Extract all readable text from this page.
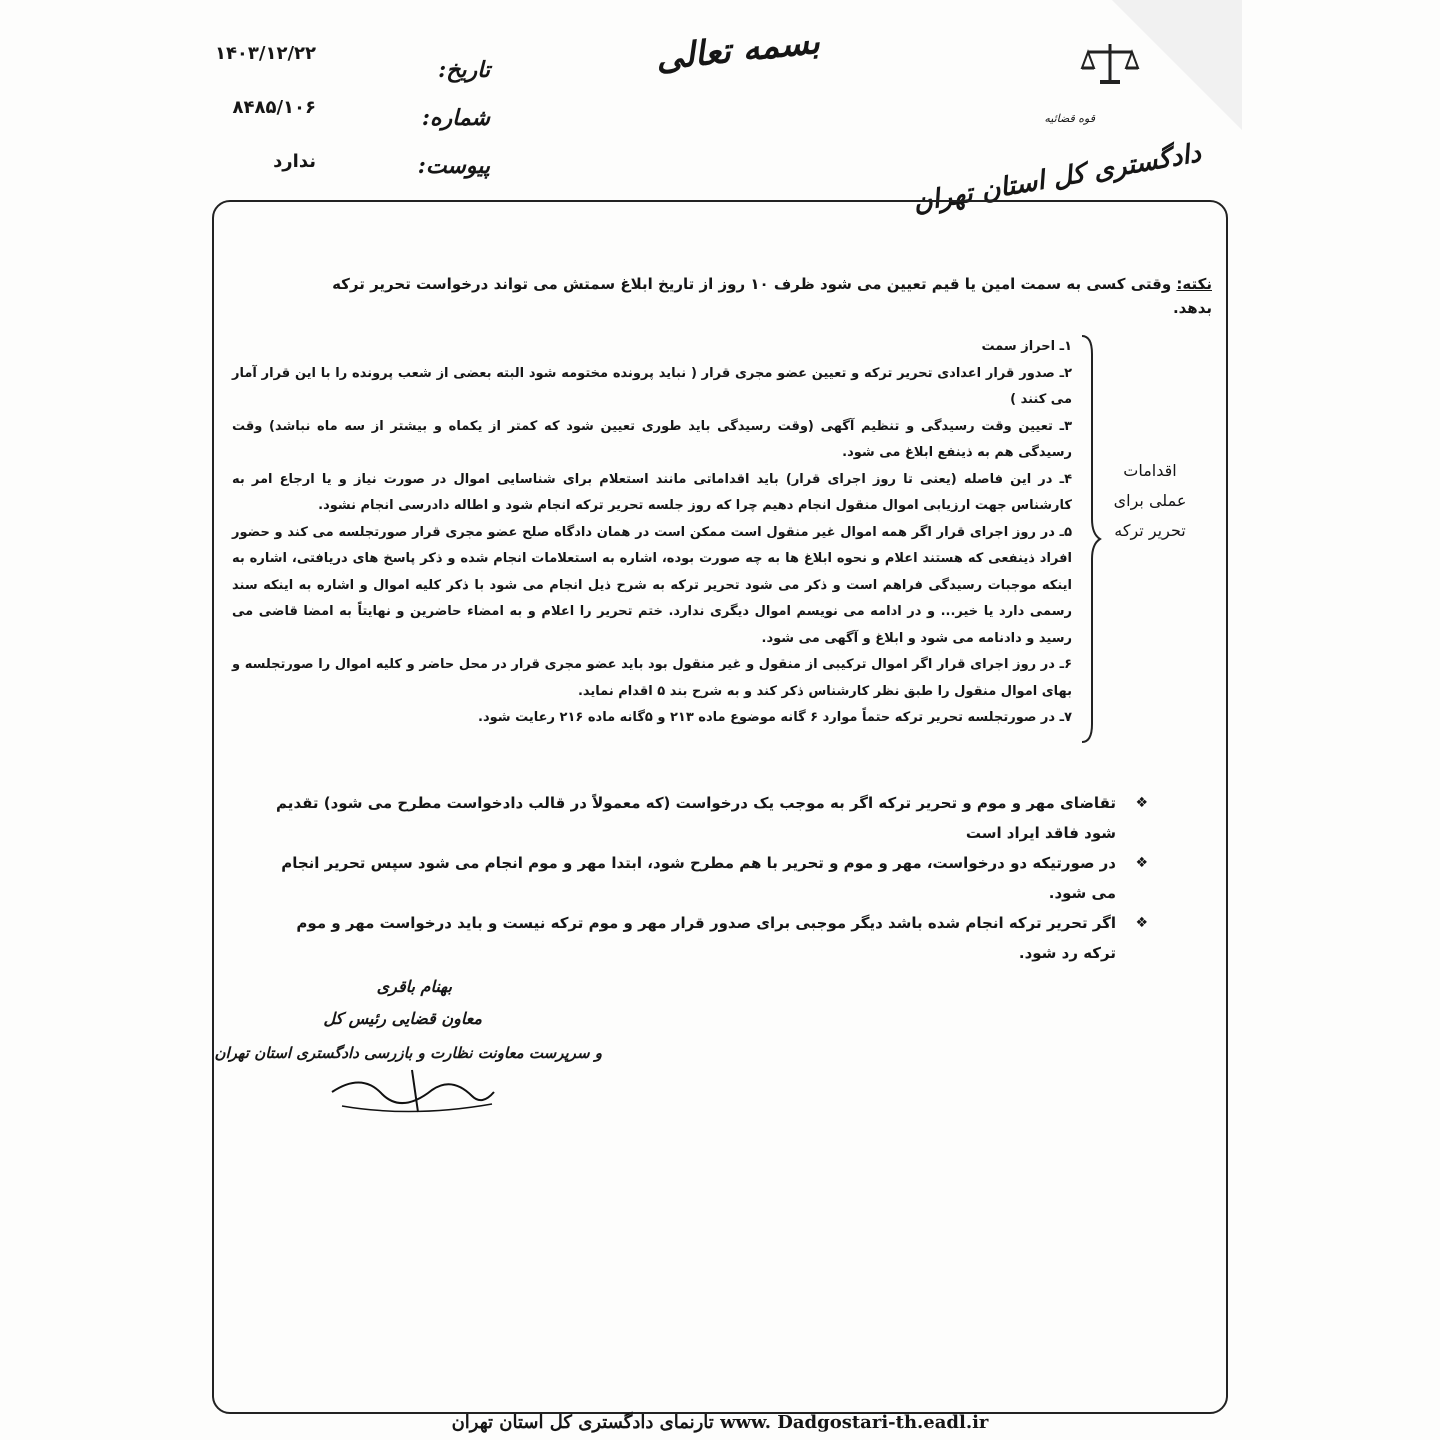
قوه قضائیه
دادگستری کل استان تهران
بسمه تعالی
تاریخ:
شماره:
پیوست:
۱۴۰۳/۱۲/۲۲
۸۴۸۵/۱۰۶
ندارد
نکته: وقتی کسی به سمت امین یا قیم تعیین می شود ظرف ۱۰ روز از تاریخ ابلاغ سمتش می تواند درخواست تحریر ترکه بدهد.
اقدامات
عملی برای
تحریر ترکه
۱ـ احراز سمت
۲ـ صدور قرار اعدادی تحریر ترکه و تعیین عضو مجری قرار ( نباید پرونده مختومه شود البته بعضی از شعب پرونده را با این قرار آمار می کنند )
۳ـ تعیین وقت رسیدگی و تنظیم آگهی (وقت رسیدگی باید طوری تعیین شود که کمتر از یکماه و بیشتر از سه ماه نباشد) وقت رسیدگی هم به ذینفع ابلاغ می شود.
۴ـ در این فاصله (یعنی تا روز اجرای قرار) باید اقداماتی مانند استعلام برای شناسایی اموال در صورت نیاز و یا ارجاع امر به کارشناس جهت ارزیابی اموال منقول انجام دهیم چرا که روز جلسه تحریر ترکه انجام شود و اطاله دادرسی انجام نشود.
۵ـ در روز اجرای قرار اگر همه اموال غیر منقول است ممکن است در همان دادگاه صلح عضو مجری قرار صورتجلسه می کند و حضور افراد ذینفعی که هستند اعلام و نحوه ابلاغ ها به چه صورت بوده، اشاره به استعلامات انجام شده و ذکر پاسخ های دریافتی، اشاره به اینکه موجبات رسیدگی فراهم است و ذکر می شود تحریر ترکه به شرح ذیل انجام می شود با ذکر کلیه اموال و اشاره به اینکه سند رسمی دارد یا خیر... و در ادامه می نویسم اموال دیگری ندارد. ختم تحریر را اعلام و به امضاء حاضرین و نهایتاً به امضا قاضی می رسید و دادنامه می شود و ابلاغ و آگهی می شود.
۶ـ در روز اجرای قرار اگر اموال ترکیبی از منقول و غیر منقول بود باید عضو مجری قرار در محل حاضر و کلیه اموال را صورتجلسه و بهای اموال منقول را طبق نظر کارشناس ذکر کند و به شرح بند ۵ اقدام نماید.
۷ـ در صورتجلسه تحریر ترکه حتماً موارد ۶ گانه موضوع ماده ۲۱۳ و ۵گانه ماده ۲۱۶ رعایت شود.
❖
تقاضای مهر و موم و تحریر ترکه اگر به موجب یک درخواست (که معمولاً در قالب دادخواست مطرح می شود) تقدیم شود فاقد ایراد است
❖
در صورتیکه دو درخواست، مهر و موم و تحریر با هم مطرح شود، ابتدا مهر و موم انجام می شود سپس تحریر انجام می شود.
❖
اگر تحریر ترکه انجام شده باشد دیگر موجبی برای صدور قرار مهر و موم ترکه نیست و باید درخواست مهر و موم ترکه رد شود.
بهنام باقری
معاون قضایی رئیس کل
و سرپرست معاونت نظارت و بازرسی دادگستری استان تهران
تارنمای دادگستری کل استان تهران www. Dadgostari-th.eadl.ir
